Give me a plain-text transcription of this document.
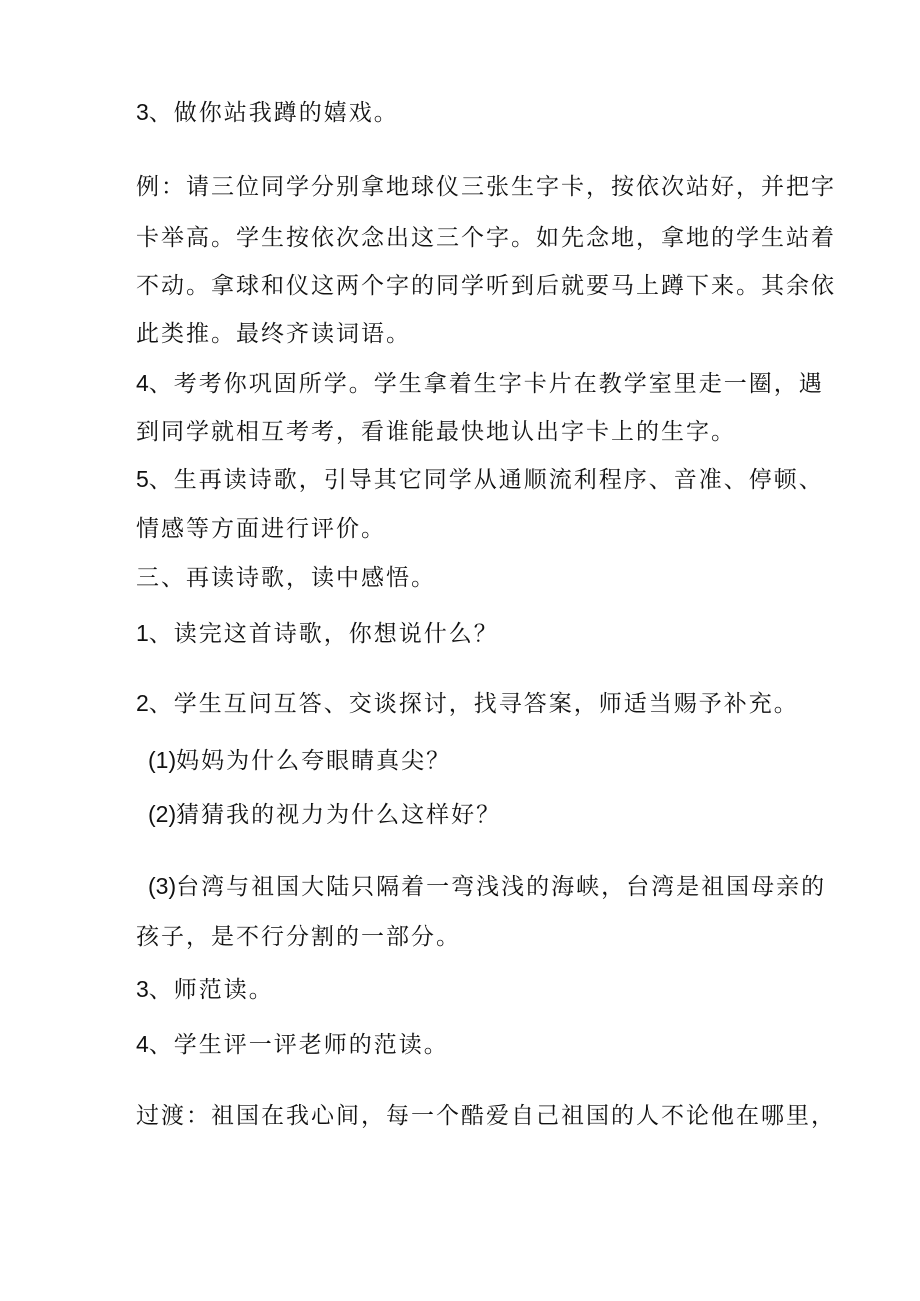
3、做你站我蹲的嬉戏。
例：请三位同学分别拿地球仪三张生字卡，按依次站好，并把字
卡举高。学生按依次念出这三个字。如先念地，拿地的学生站着
不动。拿球和仪这两个字的同学听到后就要马上蹲下来。其余依
此类推。最终齐读词语。
4、考考你巩固所学。学生拿着生字卡片在教学室里走一圈，遇
到同学就相互考考，看谁能最快地认出字卡上的生字。
5、生再读诗歌，引导其它同学从通顺流利程序、音准、停顿、
情感等方面进行评价。
三、再读诗歌，读中感悟。
1、读完这首诗歌，你想说什么？
2、学生互问互答、交谈探讨，找寻答案，师适当赐予补充。
(1)妈妈为什么夸眼睛真尖？
(2)猜猜我的视力为什么这样好？
(3)台湾与祖国大陆只隔着一弯浅浅的海峡，台湾是祖国母亲的
孩子，是不行分割的一部分。
3、师范读。
4、学生评一评老师的范读。
过渡：祖国在我心间，每一个酷爱自己祖国的人不论他在哪里，
